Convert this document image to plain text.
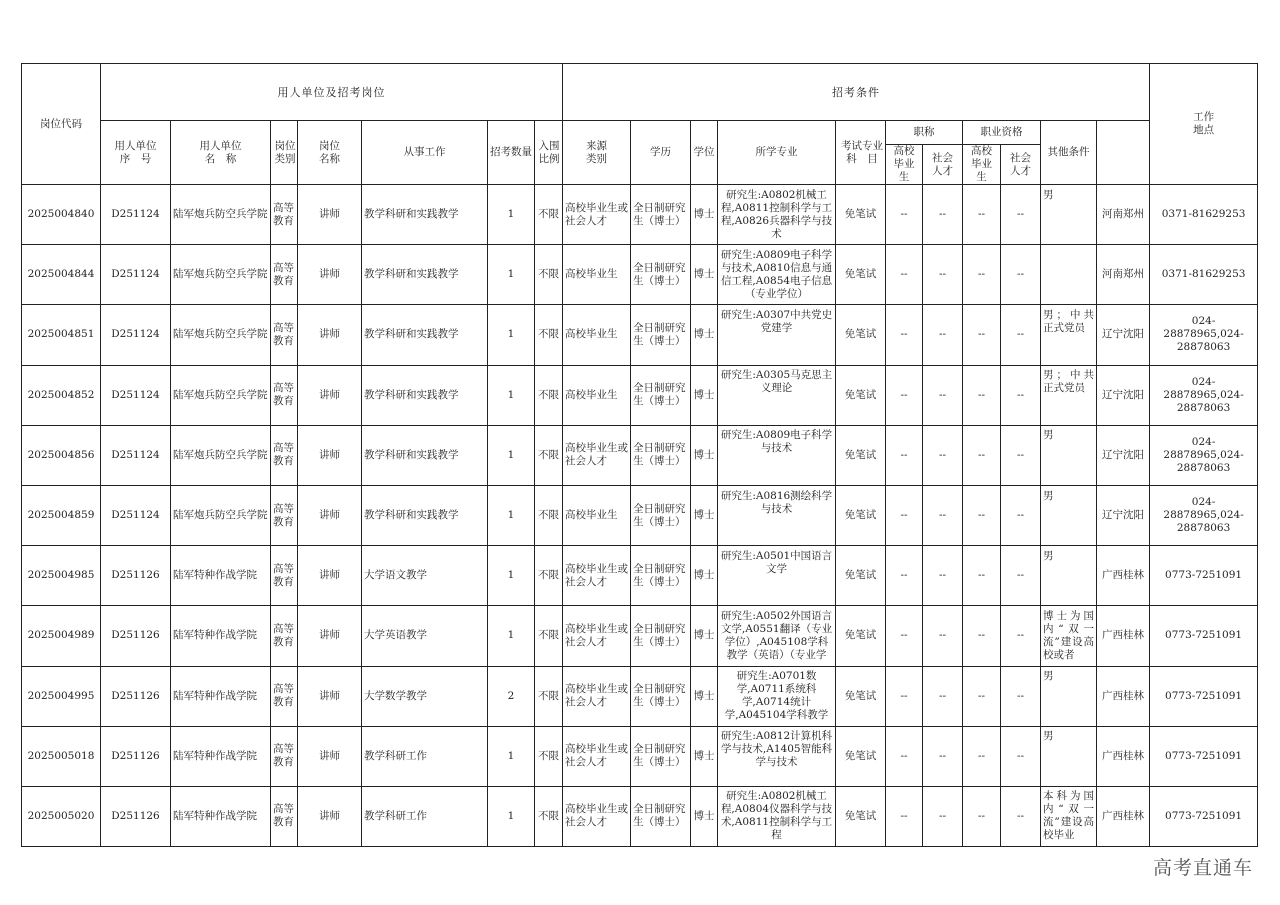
岗位代码	用人单位及招考岗位							招考条件											工作地点	
	用人单位序　号	用人单位名　称	岗位类别	岗位名称	从事工作	招考数量	入围比例	来源类别	学历	学位	所学专业	考试专业科　目	职称		职业资格		其他条件			
													高校毕业生	社会人才	高校毕业生	社会人才				

2025004840	D251124	陆军炮兵防空兵学院	高等教育	讲师	教学科研和实践教学	1	不限	高校毕业生或社会人才	全日制研究生（博士）	博士	研究生:A0802机械工程,A0811控制科学与工程,A0826兵器科学与技术	免笔试	--	--	--	--	男	河南郑州	0371-81629253	

2025004844	D251124	陆军炮兵防空兵学院	高等教育	讲师	教学科研和实践教学	1	不限	高校毕业生	全日制研究生（博士）	博士	研究生:A0809电子科学与技术,A0810信息与通信工程,A0854电子信息（专业学位）	免笔试	--	--	--	--		河南郑州	0371-81629253	

2025004851	D251124	陆军炮兵防空兵学院	高等教育	讲师	教学科研和实践教学	1	不限	高校毕业生	全日制研究生（博士）	博士	研究生:A0307中共党史党建学	免笔试	--	--	--	--	男；中共正式党员	辽宁沈阳	024-28878965,024-28878063	

2025004852	D251124	陆军炮兵防空兵学院	高等教育	讲师	教学科研和实践教学	1	不限	高校毕业生	全日制研究生（博士）	博士	研究生:A0305马克思主义理论	免笔试	--	--	--	--	男；中共正式党员	辽宁沈阳	024-28878965,024-28878063	

2025004856	D251124	陆军炮兵防空兵学院	高等教育	讲师	教学科研和实践教学	1	不限	高校毕业生或社会人才	全日制研究生（博士）	博士	研究生:A0809电子科学与技术	免笔试	--	--	--	--	男	辽宁沈阳	024-28878965,024-28878063	

2025004859	D251124	陆军炮兵防空兵学院	高等教育	讲师	教学科研和实践教学	1	不限	高校毕业生	全日制研究生（博士）	博士	研究生:A0816测绘科学与技术	免笔试	--	--	--	--	男	辽宁沈阳	024-28878965,024-28878063	

2025004985	D251126	陆军特种作战学院	高等教育	讲师	大学语文教学	1	不限	高校毕业生或社会人才	全日制研究生（博士）	博士	研究生:A0501中国语言文学	免笔试	--	--	--	--	男	广西桂林	0773-7251091	

2025004989	D251126	陆军特种作战学院	高等教育	讲师	大学英语教学	1	不限	高校毕业生或社会人才	全日制研究生（博士）	博士	研究生:A0502外国语言文学,A0551翻译（专业学位）,A045108学科教学（英语）（专业学	免笔试	--	--	--	--	博士为国内“双一流”建设高校或者	广西桂林	0773-7251091	

2025004995	D251126	陆军特种作战学院	高等教育	讲师	大学数学教学	2	不限	高校毕业生或社会人才	全日制研究生（博士）	博士	研究生:A0701数学,A0711系统科学,A0714统计学,A045104学科教学	免笔试	--	--	--	--	男	广西桂林	0773-7251091	

2025005018	D251126	陆军特种作战学院	高等教育	讲师	教学科研工作	1	不限	高校毕业生或社会人才	全日制研究生（博士）	博士	研究生:A0812计算机科学与技术,A1405智能科学与技术	免笔试	--	--	--	--	男	广西桂林	0773-7251091	

2025005020	D251126	陆军特种作战学院	高等教育	讲师	教学科研工作	1	不限	高校毕业生或社会人才	全日制研究生（博士）	博士	研究生:A0802机械工程,A0804仪器科学与技术,A0811控制科学与工程	免笔试	--	--	--	--	本科为国内“双一流”建设高校毕业	广西桂林	0773-7251091	
高考直通车
